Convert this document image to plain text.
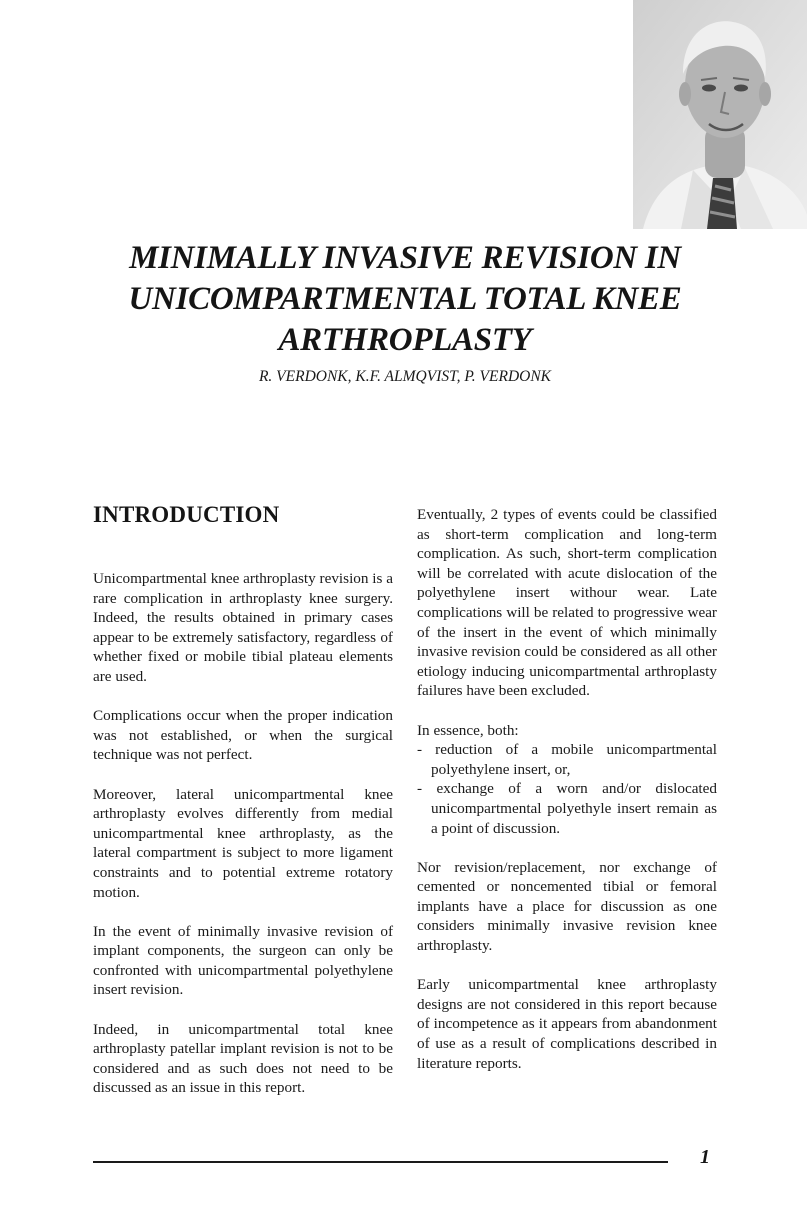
MINIMALLY INVASIVE REVISION IN
UNICOMPARTMENTAL TOTAL KNEE
ARTHROPLASTY
R. VERDONK, K.F. ALMQVIST, P. VERDONK
INTRODUCTION

Unicompartmental knee arthroplasty revision is a rare complication in arthroplasty knee surgery. Indeed, the results obtained in primary cases appear to be extremely satisfactory, regardless of whether fixed or mobile tibial plateau elements are used.

Complications occur when the proper indication was not established, or when the surgical technique was not perfect.

Moreover, lateral unicompartmental knee arthroplasty evolves differently from medial unicompartmental knee arthroplasty, as the lateral compartment is subject to more ligament constraints and to potential extreme rotatory motion.

In the event of minimally invasive revision of implant components, the surgeon can only be confronted with unicompartmental polyethylene insert revision.

Indeed, in unicompartmental total knee arthroplasty patellar implant revision is not to be considered and as such does not need to be discussed as an issue in this report.

Eventually, 2 types of events could be classified as short-term complication and long-term complication. As such, short-term complication will be correlated with acute dislocation of the polyethylene insert withour wear. Late complications will be related to progressive wear of the insert in the event of which minimally invasive revision could be considered as all other etiology inducing unicompartmental arthroplasty failures have been excluded.

In essence, both:
- reduction of a mobile unicompartmental polyethylene insert, or,
- exchange of a worn and/or dislocated unicompartmental polyethyle insert remain as a point of discussion.

Nor revision/replacement, nor exchange of cemented or noncemented tibial or femoral implants have a place for discussion as one considers minimally invasive revision knee arthroplasty.

Early unicompartmental knee arthroplasty designs are not considered in this report because of incompetence as it appears from abandonment of use as a result of complications described in literature reports.

1
